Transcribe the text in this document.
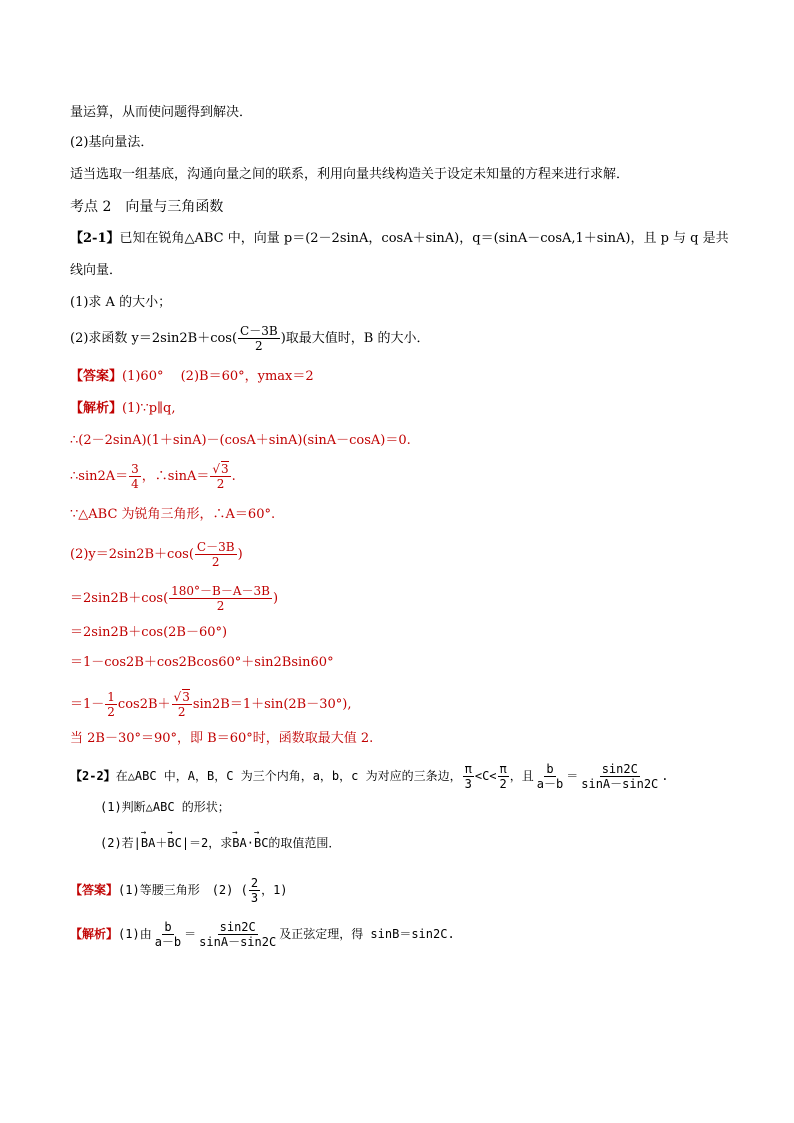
量运算，从而使问题得到解决．
(2)基向量法．
适当选取一组基底，沟通向量之间的联系，利用向量共线构造关于设定未知量的方程来进行求解．
考点 2　向量与三角函数
【2-1】已知在锐角△ABC 中，向量 p＝(2－2sinA，cosA＋sinA)，q＝(sinA－cosA,1＋sinA)，且 p 与 q 是共
线向量．
(1)求 A 的大小；
(2)求函数 $y=2\sin 2B+\cos( \frac{C-3B}{2}$ )取最大值时，B 的大小．
【答案】(1)60°　 (2)B＝60°，ymax＝2
【解析】(1)∵p∥q,
∴(2－2sinA)(1＋sinA)－(cosA＋sinA)(sinA－cosA)＝0.
∴sin2A＝ $\frac{3}{4}$ ，∴sinA＝ $\frac{√3}{2}$ .
∵△ABC 为锐角三角形，∴A＝60°.
$(2)y=2\sin 2B+\cos( \frac{C-3B}{2}$ )
$=2\sin 2B+\cos( \frac{180^\circ-B-A-3B}{2}$ )
＝2sin2B＋cos(2B－60°)
＝1－cos2B＋cos2Bcos60°＋sin2Bsin60°
$=1- \frac{1}{2} \cos 2B+ \frac{√3}{2} \sin 2B=1+\sin(2B-30^\circ)$,
当 2B－30°＝90°，即 B＝60°时，函数取最大值 2.
【2-2】在△ABC 中，A，B，C 为三个内角，a，b，c 为对应的三条边， $\frac{\pi}{3} <C< \frac{\pi}{2}$ ，且 $\frac{b}{a-b} = \frac{\sin 2C}{\sin A-\sin 2C}$ .
(1)判断△ABC 的形状；
(2)若|→ BA＋→ BC|＝2，求→ BA·→ BC的取值范围．
【答案】(1)等腰三角形　(2) ( $\frac{2}{3}$ ，1)
【解析】(1)由 $\frac{b}{a-b} = \frac{\sin 2C}{\sin A-\sin 2C}$ 及正弦定理，得 sinB＝sin2C.
